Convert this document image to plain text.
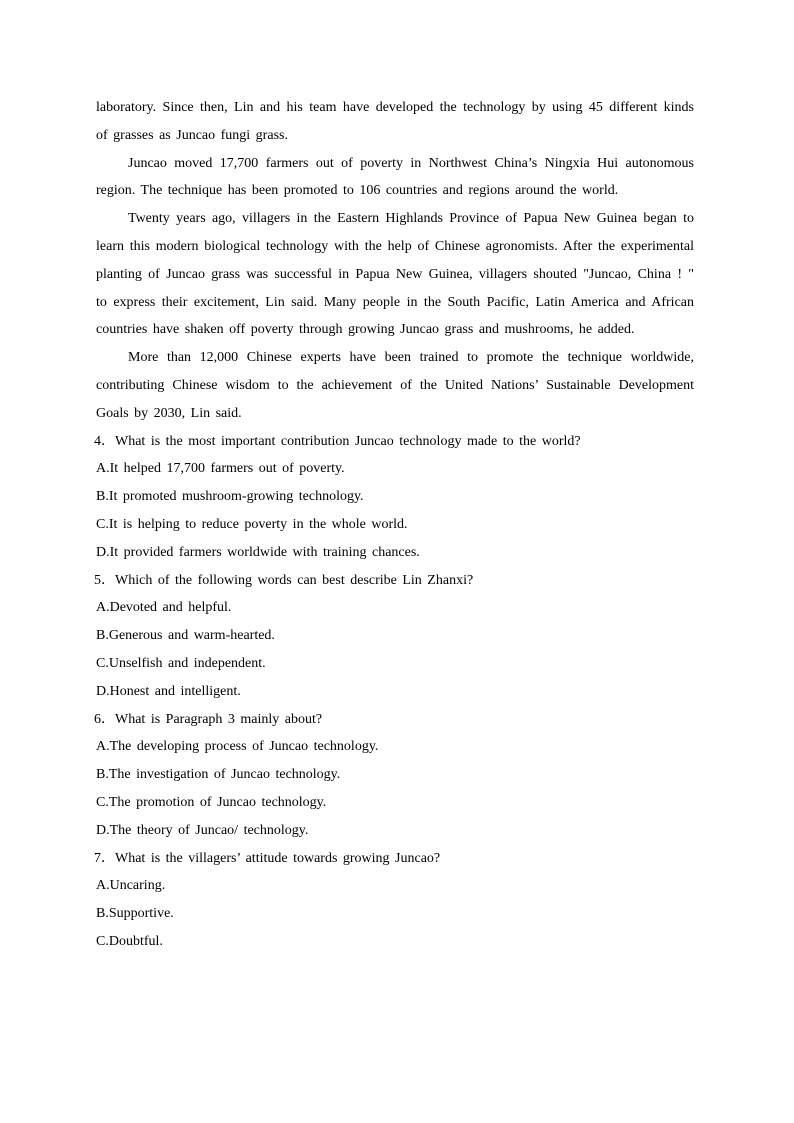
laboratory. Since then, Lin and his team have developed the technology by using 45 different kinds of grasses as Juncao fungi grass.

Juncao moved 17,700 farmers out of poverty in Northwest China’s Ningxia Hui autonomous region. The technique has been promoted to 106 countries and regions around the world.

Twenty years ago, villagers in the Eastern Highlands Province of Papua New Guinea began to learn this modern biological technology with the help of Chinese agronomists. After the experimental planting of Juncao grass was successful in Papua New Guinea, villagers shouted "Juncao, China ! " to express their excitement, Lin said. Many people in the South Pacific, Latin America and African countries have shaken off poverty through growing Juncao grass and mushrooms, he added.

More than 12,000 Chinese experts have been trained to promote the technique worldwide, contributing Chinese wisdom to the achievement of the United Nations’ Sustainable Development Goals by 2030, Lin said.

4．What is the most important contribution Juncao technology made to the world?

A.It helped 17,700 farmers out of poverty.

B.It promoted mushroom-growing technology.

C.It is helping to reduce poverty in the whole world.

D.It provided farmers worldwide with training chances.

5．Which of the following words can best describe Lin Zhanxi?

A.Devoted and helpful.

B.Generous and warm-hearted.

C.Unselfish and independent.

D.Honest and intelligent.

6．What is Paragraph 3 mainly about?

A.The developing process of Juncao technology.

B.The investigation of Juncao technology.

C.The promotion of Juncao technology.

D.The theory of Juncao/ technology.

7．What is the villagers’ attitude towards growing Juncao?

A.Uncaring.

B.Supportive.

C.Doubtful.
